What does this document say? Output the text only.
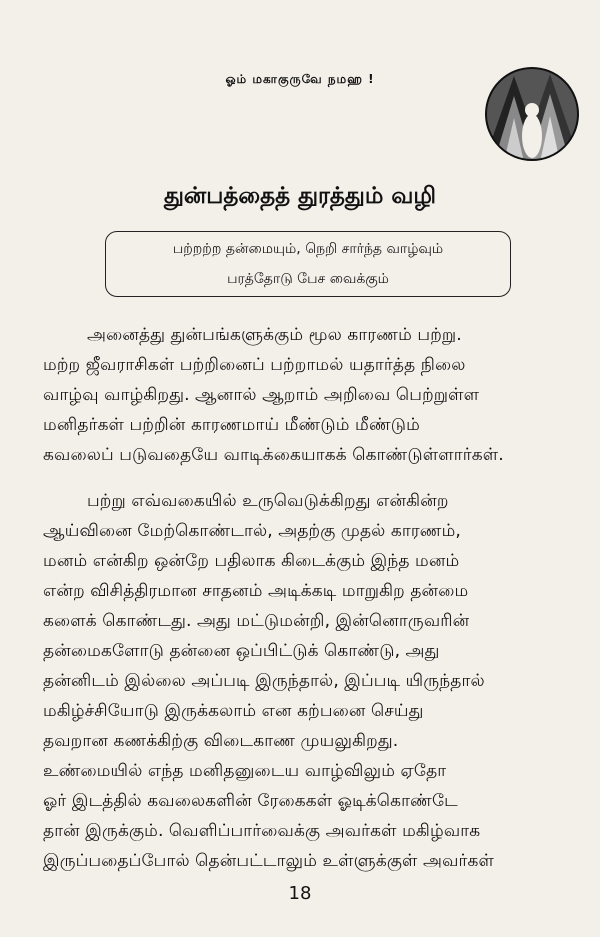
ஓம் மகாகுருவே நமஹ !
துன்பத்தைத் துரத்தும் வழி
பற்றற்ற தன்மையும், நெறி சார்ந்த வாழ்வும்
பரத்தோடு பேச வைக்கும்
அனைத்து துன்பங்களுக்கும் மூல காரணம் பற்று.
மற்ற ஜீவராசிகள் பற்றினைப் பற்றாமல் யதார்த்த நிலை
வாழ்வு வாழ்கிறது. ஆனால் ஆறாம் அறிவை பெற்றுள்ள
மனிதர்கள் பற்றின் காரணமாய் மீண்டும் மீண்டும்
கவலைப் படுவதையே வாடிக்கையாகக் கொண்டுள்ளார்கள்.
பற்று எவ்வகையில் உருவெடுக்கிறது என்கின்ற
ஆய்வினை மேற்கொண்டால், அதற்கு முதல் காரணம்,
மனம் என்கிற ஒன்றே பதிலாக கிடைக்கும் இந்த மனம்
என்ற விசித்திரமான சாதனம் அடிக்கடி மாறுகிற தன்மை
களைக் கொண்டது. அது மட்டுமன்றி, இன்னொருவரின்
தன்மைகளோடு தன்னை ஒப்பிட்டுக் கொண்டு, அது
தன்னிடம் இல்லை அப்படி இருந்தால், இப்படி யிருந்தால்
மகிழ்ச்சியோடு இருக்கலாம் என கற்பனை செய்து
தவறான கணக்கிற்கு விடைகாண முயலுகிறது.
உண்மையில் எந்த மனிதனுடைய வாழ்விலும் ஏதோ
ஓர் இடத்தில் கவலைகளின் ரேகைகள் ஓடிக்கொண்டே
தான் இருக்கும். வெளிப்பார்வைக்கு அவர்கள் மகிழ்வாக
இருப்பதைப்போல் தென்பட்டாலும் உள்ளுக்குள் அவர்கள்
18
